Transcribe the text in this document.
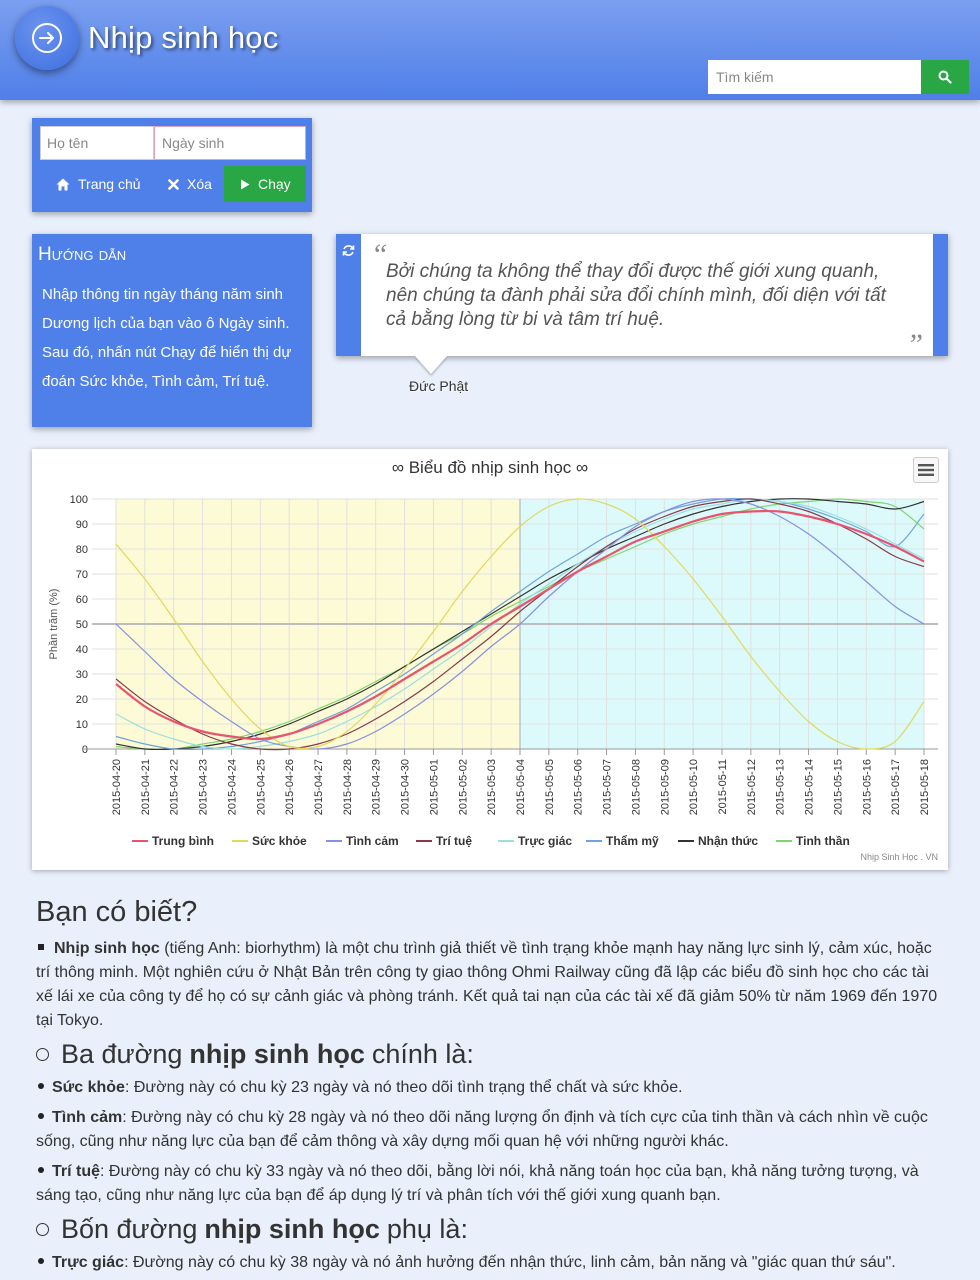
Nhịp sinh học
Tìm kiếm
Họ tên
Ngày sinh
Trang chủ	Xóa	Chạy
Hướng dẫn

Nhập thông tin ngày tháng năm sinh Dương lịch của bạn vào ô Ngày sinh. Sau đó, nhấn nút Chạy để hiển thị dự đoán Sức khỏe, Tình cảm, Trí tuệ.

“
Bởi chúng ta không thể thay đổi được thế giới xung quanh, nên chúng ta đành phải sửa đổi chính mình, đối diện với tất cả bằng lòng từ bi và tâm trí huệ.
”
Đức Phật
0
10
20
30
40
50
60
70
80
90
100
2015-04-20 2015-04-21 2015-04-22 2015-04-23 2015-04-24 2015-04-25 2015-04-26 2015-04-27 2015-04-28 2015-04-29 2015-04-30 2015-05-01 2015-05-02 2015-05-03 2015-05-04 2015-05-05 2015-05-06 2015-05-07 2015-05-08 2015-05-09 2015-05-10 2015-05-11 2015-05-12 2015-05-13 2015-05-14 2015-05-15 2015-05-16 2015-05-17 2015-05-18
∞ Biểu đồ nhịp sinh học ∞
Phần trăm (%)
Trung bình	Sức khỏe	Tình cảm	Trí tuệ	Trực giác	Thẩm mỹ	Nhận thức	Tinh thần
Nhịp Sinh Học . VN
Bạn có biết?
Nhịp sinh học (tiếng Anh: biorhythm) là một chu trình giả thiết về tình trạng khỏe mạnh hay năng lực sinh lý, cảm xúc, hoặc trí thông minh. Một nghiên cứu ở Nhật Bản trên công ty giao thông Ohmi Railway cũng đã lập các biểu đồ sinh học cho các tài xế lái xe của công ty để họ có sự cảnh giác và phòng tránh. Kết quả tai nạn của các tài xế đã giảm 50% từ năm 1969 đến 1970 tại Tokyo.
Ba đường nhịp sinh học chính là:
Sức khỏe: Đường này có chu kỳ 23 ngày và nó theo dõi tình trạng thể chất và sức khỏe.
Tình cảm: Đường này có chu kỳ 28 ngày và nó theo dõi năng lượng ổn định và tích cực của tinh thần và cách nhìn về cuộc sống, cũng như năng lực của bạn để cảm thông và xây dựng mối quan hệ với những người khác.
Trí tuệ: Đường này có chu kỳ 33 ngày và nó theo dõi, bằng lời nói, khả năng toán học của bạn, khả năng tưởng tượng, và sáng tạo, cũng như năng lực của bạn để áp dụng lý trí và phân tích với thế giới xung quanh bạn.
Bốn đường nhịp sinh học phụ là:
Trực giác: Đường này có chu kỳ 38 ngày và nó ảnh hưởng đến nhận thức, linh cảm, bản năng và "giác quan thứ sáu".
